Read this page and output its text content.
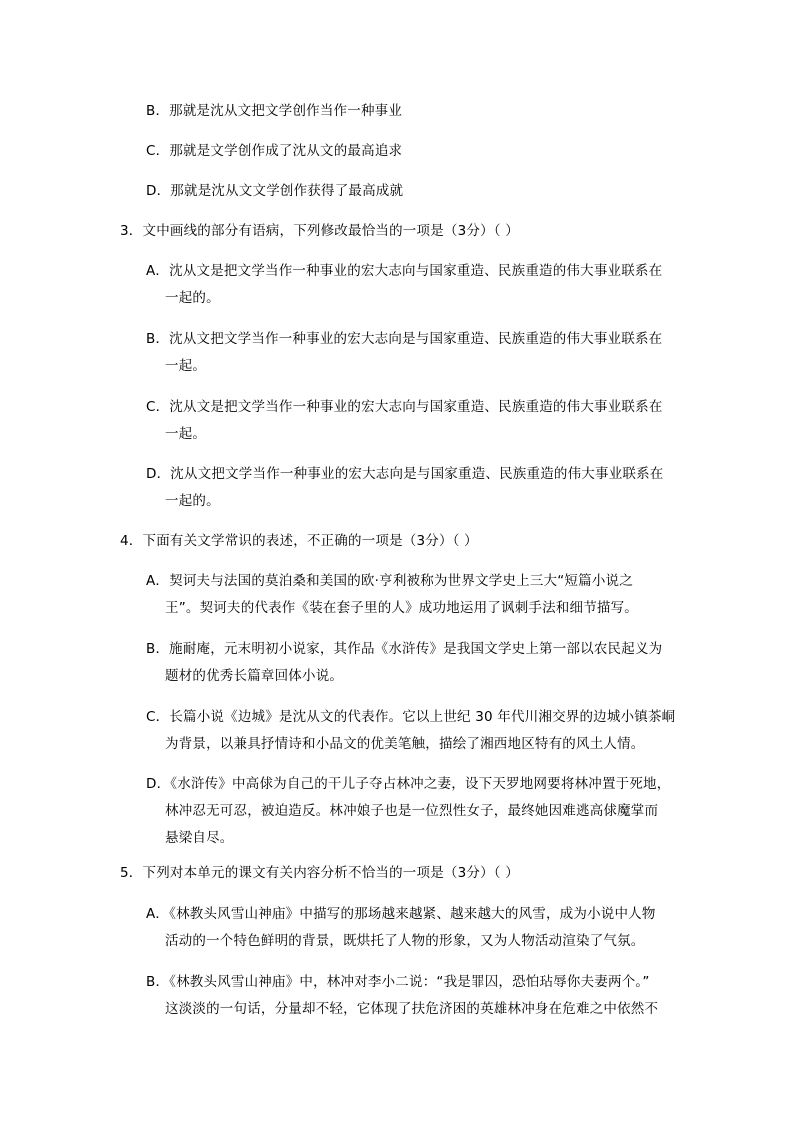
B．那就是沈从文把文学创作当作一种事业
C．那就是文学创作成了沈从文的最高追求
D．那就是沈从文文学创作获得了最高成就
3．文中画线的部分有语病，下列修改最恰当的一项是（3分）（ ）
A．沈从文是把文学当作一种事业的宏大志向与国家重造、民族重造的伟大事业联系在
一起的。
B．沈从文把文学当作一种事业的宏大志向是与国家重造、民族重造的伟大事业联系在
一起。
C．沈从文是把文学当作一种事业的宏大志向与国家重造、民族重造的伟大事业联系在
一起。
D．沈从文把文学当作一种事业的宏大志向是与国家重造、民族重造的伟大事业联系在
一起的。
4．下面有关文学常识的表述，不正确的一项是（3分）（ ）
A．契诃夫与法国的莫泊桑和美国的欧·亨利被称为世界文学史上三大“短篇小说之
王”。契诃夫的代表作《装在套子里的人》成功地运用了讽刺手法和细节描写。
B．施耐庵，元末明初小说家，其作品《水浒传》是我国文学史上第一部以农民起义为
题材的优秀长篇章回体小说。
C．长篇小说《边城》是沈从文的代表作。它以上世纪 30 年代川湘交界的边城小镇茶峒
为背景，以兼具抒情诗和小品文的优美笔触，描绘了湘西地区特有的风土人情。
D．《水浒传》中高俅为自己的干儿子夺占林冲之妻，设下天罗地网要将林冲置于死地，
林冲忍无可忍，被迫造反。林冲娘子也是一位烈性女子，最终她因难逃高俅魔掌而
悬梁自尽。
5．下列对本单元的课文有关内容分析不恰当的一项是（3分）（ ）
A．《林教头风雪山神庙》中描写的那场越来越紧、越来越大的风雪，成为小说中人物
活动的一个特色鲜明的背景，既烘托了人物的形象，又为人物活动渲染了气氛。
B．《林教头风雪山神庙》中，林冲对李小二说：“我是罪囚，恐怕玷辱你夫妻两个。”
这淡淡的一句话，分量却不轻，它体现了扶危济困的英雄林冲身在危难之中依然不
